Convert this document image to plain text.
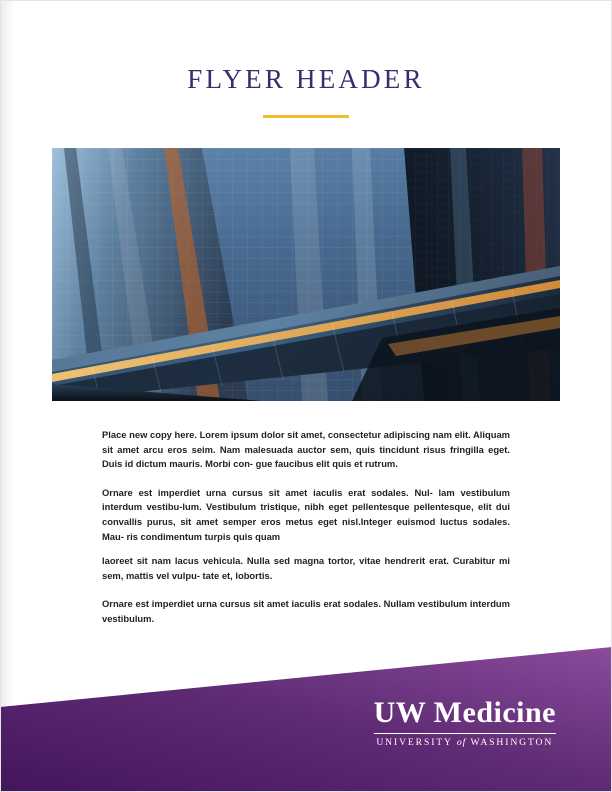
FLYER HEADER

Place new copy here. Lorem ipsum dolor sit amet, consectetur adipiscing nam elit. Aliquam sit amet arcu eros seim. Nam malesuada auctor sem, quis tincidunt risus fringilla eget. Duis id dictum mauris. Morbi con- gue faucibus elit quis et rutrum.

Ornare est imperdiet urna cursus sit amet iaculis erat sodales. Nul- lam vestibulum interdum vestibu-lum. Vestibulum tristique, nibh eget pellentesque pellentesque, elit dui convallis purus, sit amet semper eros metus eget nisl.Integer euismod luctus sodales. Mau- ris condimentum turpis quis quam

laoreet sit nam lacus vehicula. Nulla sed magna tortor, vitae hendrerit erat. Curabitur mi sem, mattis vel vulpu- tate et, lobortis.

Ornare est imperdiet urna cursus sit amet iaculis erat sodales. Nullam vestibulum interdum vestibulum.

UW Medicine
UNIVERSITY of WASHINGTON
